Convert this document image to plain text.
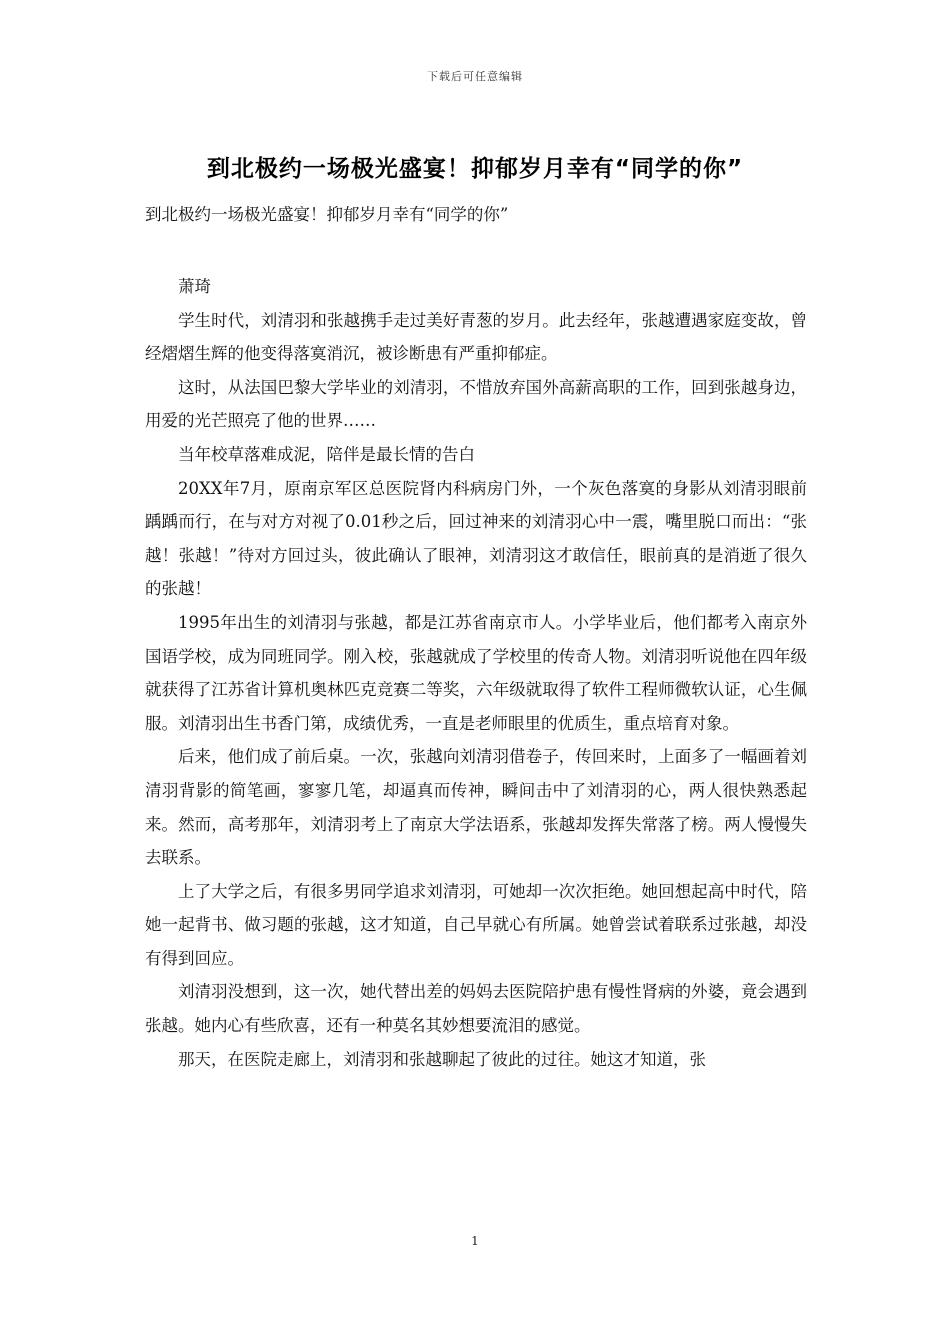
下载后可任意编辑
到北极约一场极光盛宴！抑郁岁月幸有“同学的你”
到北极约一场极光盛宴！抑郁岁月幸有“同学的你”

萧琦

学生时代，刘清羽和张越携手走过美好青葱的岁月。此去经年，张越遭遇家庭变故，曾经熠熠生辉的他变得落寞消沉，被诊断患有严重抑郁症。

这时，从法国巴黎大学毕业的刘清羽，不惜放弃国外高薪高职的工作，回到张越身边，用爱的光芒照亮了他的世界……

当年校草落难成泥，陪伴是最长情的告白

20XX年7月，原南京军区总医院肾内科病房门外，一个灰色落寞的身影从刘清羽眼前踽踽而行，在与对方对视了0.01秒之后，回过神来的刘清羽心中一震，嘴里脱口而出：“张越！张越！”待对方回过头，彼此确认了眼神，刘清羽这才敢信任，眼前真的是消逝了很久的张越！

1995年出生的刘清羽与张越，都是江苏省南京市人。小学毕业后，他们都考入南京外国语学校，成为同班同学。刚入校，张越就成了学校里的传奇人物。刘清羽听说他在四年级就获得了江苏省计算机奥林匹克竞赛二等奖，六年级就取得了软件工程师微软认证，心生佩服。刘清羽出生书香门第，成绩优秀，一直是老师眼里的优质生，重点培育对象。

后来，他们成了前后桌。一次，张越向刘清羽借卷子，传回来时，上面多了一幅画着刘清羽背影的简笔画，寥寥几笔，却逼真而传神，瞬间击中了刘清羽的心，两人很快熟悉起来。然而，高考那年，刘清羽考上了南京大学法语系，张越却发挥失常落了榜。两人慢慢失去联系。

上了大学之后，有很多男同学追求刘清羽，可她却一次次拒绝。她回想起高中时代，陪她一起背书、做习题的张越，这才知道，自己早就心有所属。她曾尝试着联系过张越，却没有得到回应。

刘清羽没想到，这一次，她代替出差的妈妈去医院陪护患有慢性肾病的外婆，竟会遇到张越。她内心有些欣喜，还有一种莫名其妙想要流泪的感觉。

那天，在医院走廊上，刘清羽和张越聊起了彼此的过往。她这才知道，张

1
